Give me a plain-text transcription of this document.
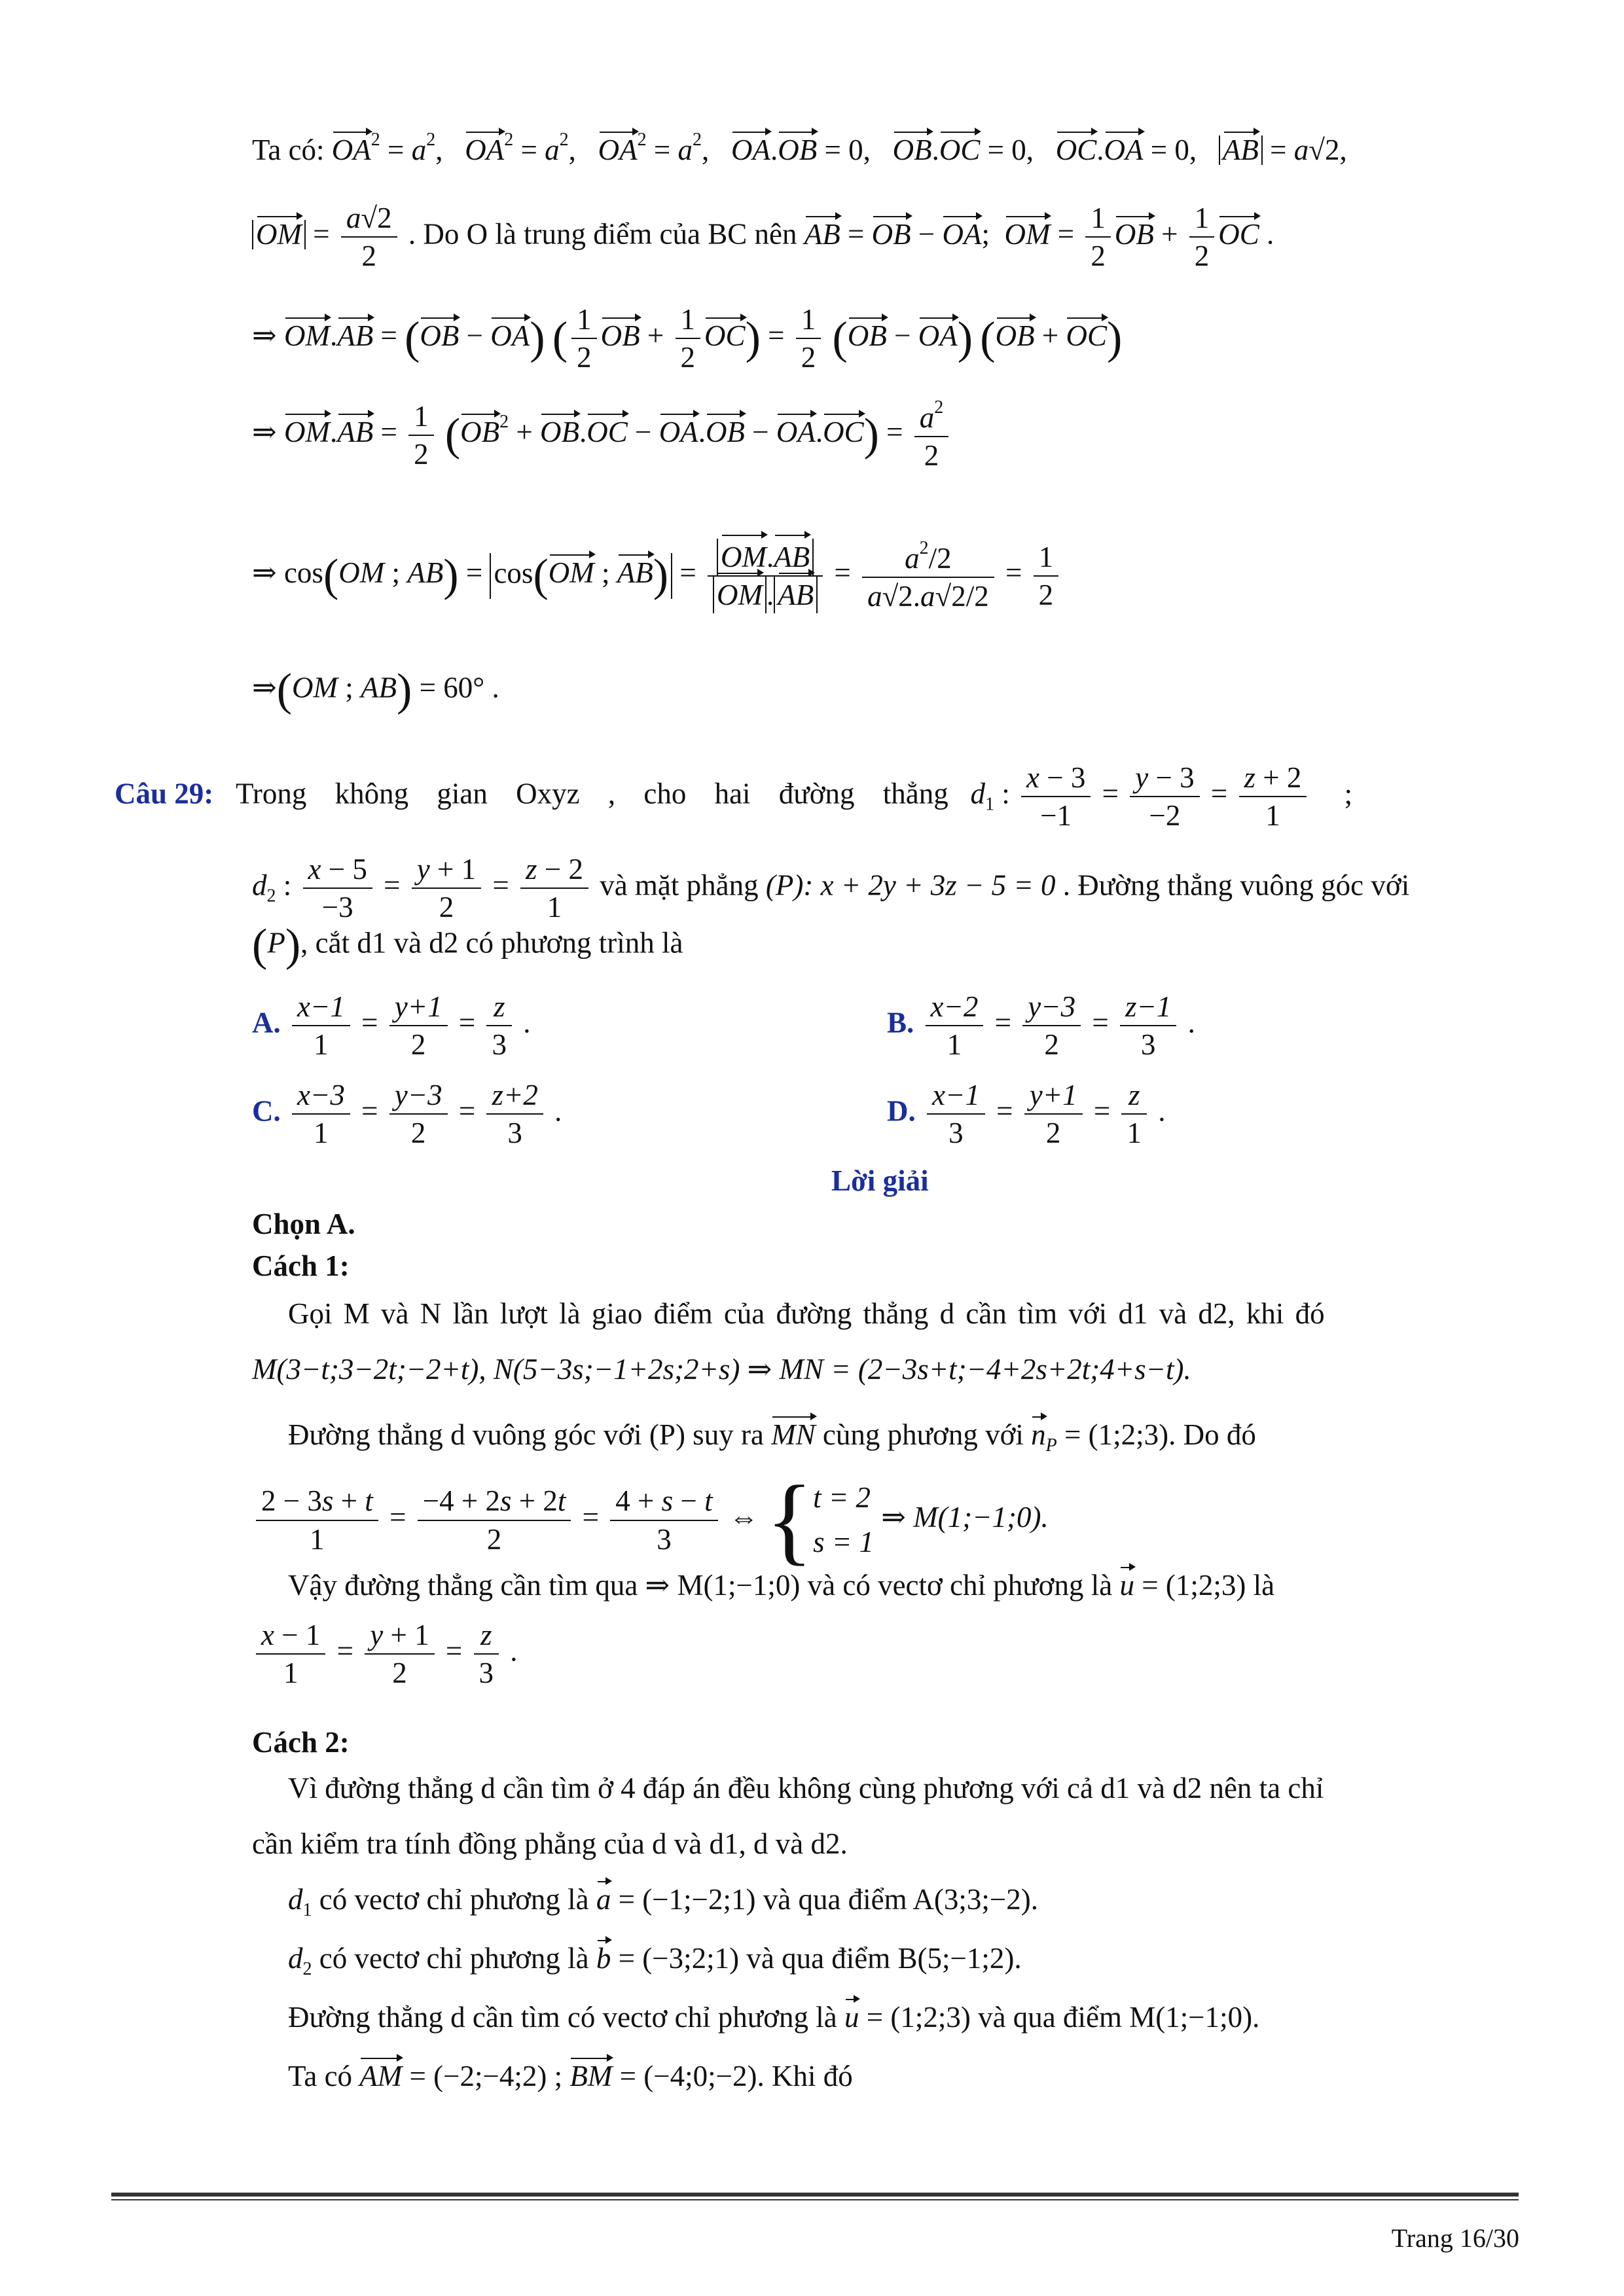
Ta có: $OA^2 = a^2$,   $OA^2 = a^2$,   $OA^2 = a^2$,   OA.OB = 0,   OB.OC = 0,   OC.OA = 0,   AB = a√2,
OM = $\frac{a√2}{2}$ . Do O là trung điểm của BC nên AB = OB − OA;  OM = $\frac{1}{2}$ OB + $\frac{1}{2}$ OC .
⇒ OM.AB = (OB − OA) ( $\frac{1}{2}$ OB + $\frac{1}{2} OC) = \frac{1}{2} (OB - OA)$ (OB + OC)
⇒ $OM.AB = \frac{1}{2} (OB^2 + OB.OC - OA.OB - OA.OC) = \frac{a^2}{2}$
⇒ cos(OM ; AB) = cos(OM ; $AB) = \frac{OM.AB}{OM . AB} = \frac{a^2/2}{a√2.a√2/2} = \frac{1}{2}$
⇒(OM ; AB) = 60° .
Câu 29: Trong không gian Oxyz , cho hai đường thẳng $d_1$ : $\frac{x - 3}{-1} = \frac{y - 3}{-2} = \frac{z + 2}{1}$ ;
$d_2$ : $\frac{x - 5}{-3} = \frac{y + 1}{2} = \frac{z - 2}{1}$ và mặt phẳng (P): x + 2y + 3z − 5 = 0 . Đường thẳng vuông góc với
(P), cắt d1 và d2 có phương trình là
A. $\frac{x-1}{1} = \frac{y+1}{2} = \frac{z}{3}$ .	B. $\frac{x-2}{1} = \frac{y-3}{2} = \frac{z-1}{3}$ .
C. $\frac{x-3}{1} = \frac{y-3}{2} = \frac{z+2}{3}$ .	D. $\frac{x-1}{3} = \frac{y+1}{2} = \frac{z}{1}$ .
Lời giải
Chọn A.
Cách 1:
Gọi M và N lần lượt là giao điểm của đường thẳng d cần tìm với d1 và d2, khi đó
M(3−t;3−2t;−2+t), N(5−3s;−1+2s;2+s) ⇒ MN = (2−3s+t;−4+2s+2t;4+s−t).
Đường thẳng d vuông góc với (P) suy ra MN cùng phương với $n_P$ = (1;2;3). Do đó
$\frac{2 - 3s + t}{1} = \frac{-4 + 2s + 2t}{2} = \frac{4 + s - t}{3}$ ⇔ { t = 2
s = 1
⇒ M(1;−1;0).
Vậy đường thẳng cần tìm qua ⇒ M(1;−1;0) và có vectơ chỉ phương là u = (1;2;3) là
$\frac{x - 1}{1} = \frac{y + 1}{2} = \frac{z}{3}$ .
Cách 2:
Vì đường thẳng d cần tìm ở 4 đáp án đều không cùng phương với cả d1 và d2 nên ta chỉ
cần kiểm tra tính đồng phẳng của d và d1, d và d2.
$d_1$ có vectơ chỉ phương là a = (−1;−2;1) và qua điểm A(3;3;−2).
$d_2$ có vectơ chỉ phương là b = (−3;2;1) và qua điểm B(5;−1;2).
Đường thẳng d cần tìm có vectơ chỉ phương là u = (1;2;3) và qua điểm M(1;−1;0).
Ta có AM = (−2;−4;2) ; BM = (−4;0;−2). Khi đó
Trang 16/30
